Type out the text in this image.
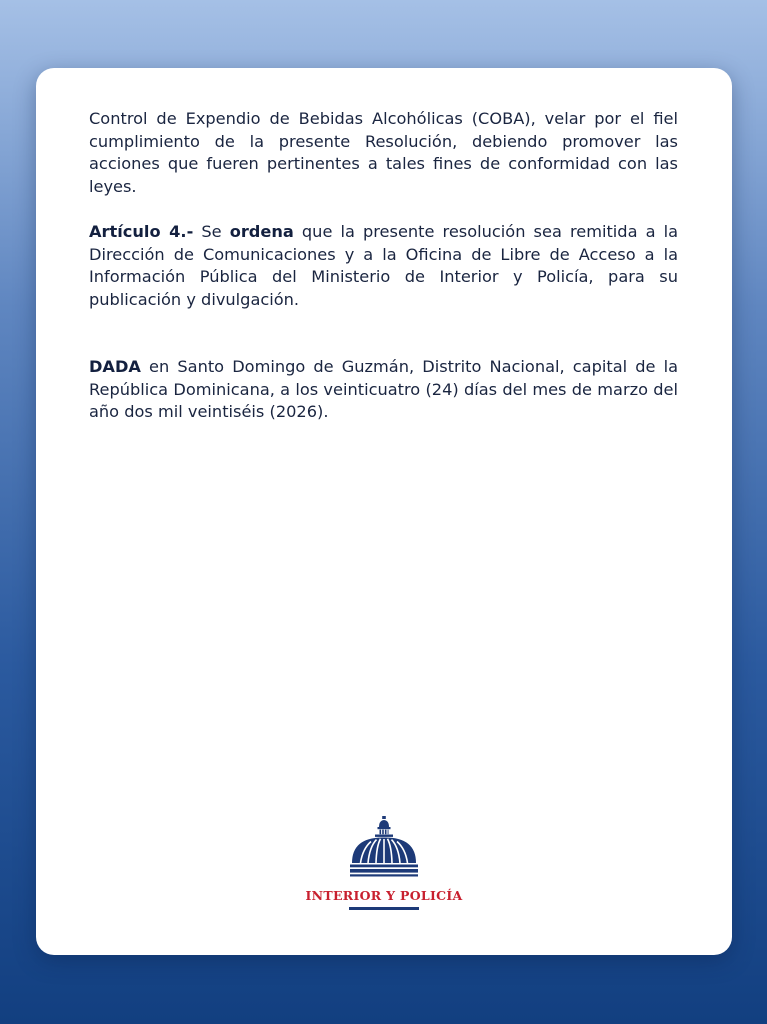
Control de Expendio de Bebidas Alcohólicas (COBA), velar por el fiel cumplimiento de la presente Resolución, debiendo promover las acciones que fueren pertinentes a tales fines de conformidad con las leyes.

Artículo 4.- Se ordena que la presente resolución sea remitida a la Dirección de Comunicaciones y a la Oficina de Libre de Acceso a la Información Pública del Ministerio de Interior y Policía, para su publicación y divulgación.

DADA en Santo Domingo de Guzmán, Distrito Nacional, capital de la República Dominicana, a los veinticuatro (24) días del mes de marzo del año dos mil veintiséis (2026).

INTERIOR Y POLICÍA
